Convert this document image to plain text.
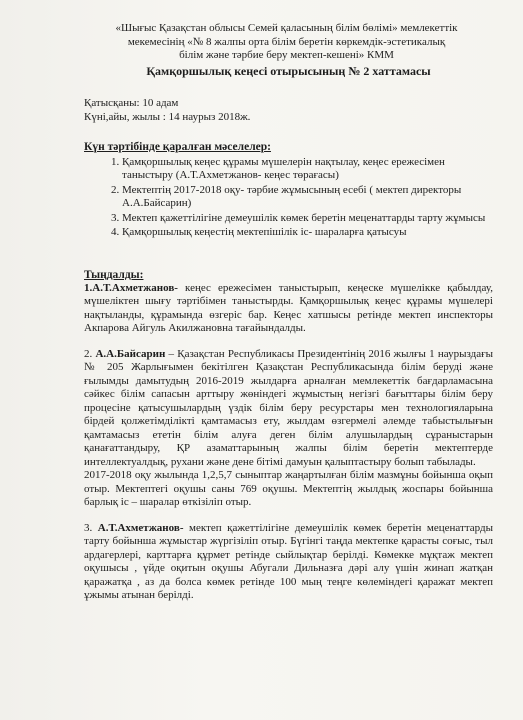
«Шығыс Қазақстан облысы Семей қаласының білім бөлімі» мемлекеттік
мекемесінің «№ 8 жалпы орта білім беретін көркемдік-эстетикалық
білім және тәрбие беру мектеп-кешені» КММ
Қамқоршылық кеңесі отырысының № 2 хаттамасы
Қатысқаны: 10 адам
Күні,айы, жылы : 14 наурыз 2018ж.
Күн тәртібінде қаралған мәселелер:
1. Қамқоршылық кеңес құрамы мүшелерін нақтылау, кеңес ережесімен таныстыру (А.Т.Ахметжанов- кеңес төрағасы)
2. Мектептің 2017-2018 оқу- тәрбие жұмысының есебі ( мектеп директоры А.А.Байсарин)
3. Мектеп қажеттілігіне демеушілік көмек беретін меценаттарды тарту жұмысы
4. Қамқоршылық кеңестің мектепішілік іс- шараларға қатысуы
Тыңдалды:

1.А.Т.Ахметжанов- кеңес ережесімен таныстырып, кеңеске мүшелікке қабылдау, мүшеліктен шығу тәртібімен таныстырды. Қамқоршылық кеңес құрамы мүшелері нақтыланды, құрамында өзгеріс бар. Кеңес хатшысы ретінде мектеп инспекторы Акпарова Айгуль Акилжановна тағайындалды.

2. А.А.Байсарин – Қазақстан Республикасы Президентінің 2016 жылғы 1 наурыздағы № 205 Жарлығымен бекітілген Қазақстан Республикасында білім беруді және ғылымды дамытудың 2016-2019 жылдарға арналған мемлекеттік бағдарламасына сәйкес білім сапасын арттыру жөніндегі жұмыстың негізгі бағыттары білім беру процесіне қатысушылардың үздік білім беру ресурстары мен технологияларына бірдей қолжетімділікті қамтамасыз ету, жылдам өзгермелі әлемде табыстылығын қамтамасыз ететін білім алуға деген білім алушылардың сұраныстарын қанағаттандыру, ҚР азаматтарының жалпы білім беретін мектептерде интеллектуалдық, рухани және дене бітімі дамуын қалыптастыру болып табылады.

2017-2018 оқу жылында 1,2,5,7 сыныптар жаңартылған білім мазмұны бойынша оқып отыр. Мектептегі оқушы саны 769 оқушы. Мектептің жылдық жоспары бойынша барлық іс – шаралар өткізіліп отыр.

3. А.Т.Ахметжанов- мектеп қажеттілігіне демеушілік көмек беретін меценаттарды тарту бойынша жұмыстар жүргізіліп отыр. Бүгінгі таңда мектепке қарасты соғыс, тыл ардагерлері, карттарға құрмет ретінде сыйлықтар берілді. Көмекке мұқтаж мектеп оқушысы , үйде оқитын оқушы Абугали Дильназға дәрі алу үшін жинап жатқан қаражатқа , аз да болса көмек ретінде 100 мың теңге көлеміндегі қаражат мектеп ұжымы атынан берілді.
